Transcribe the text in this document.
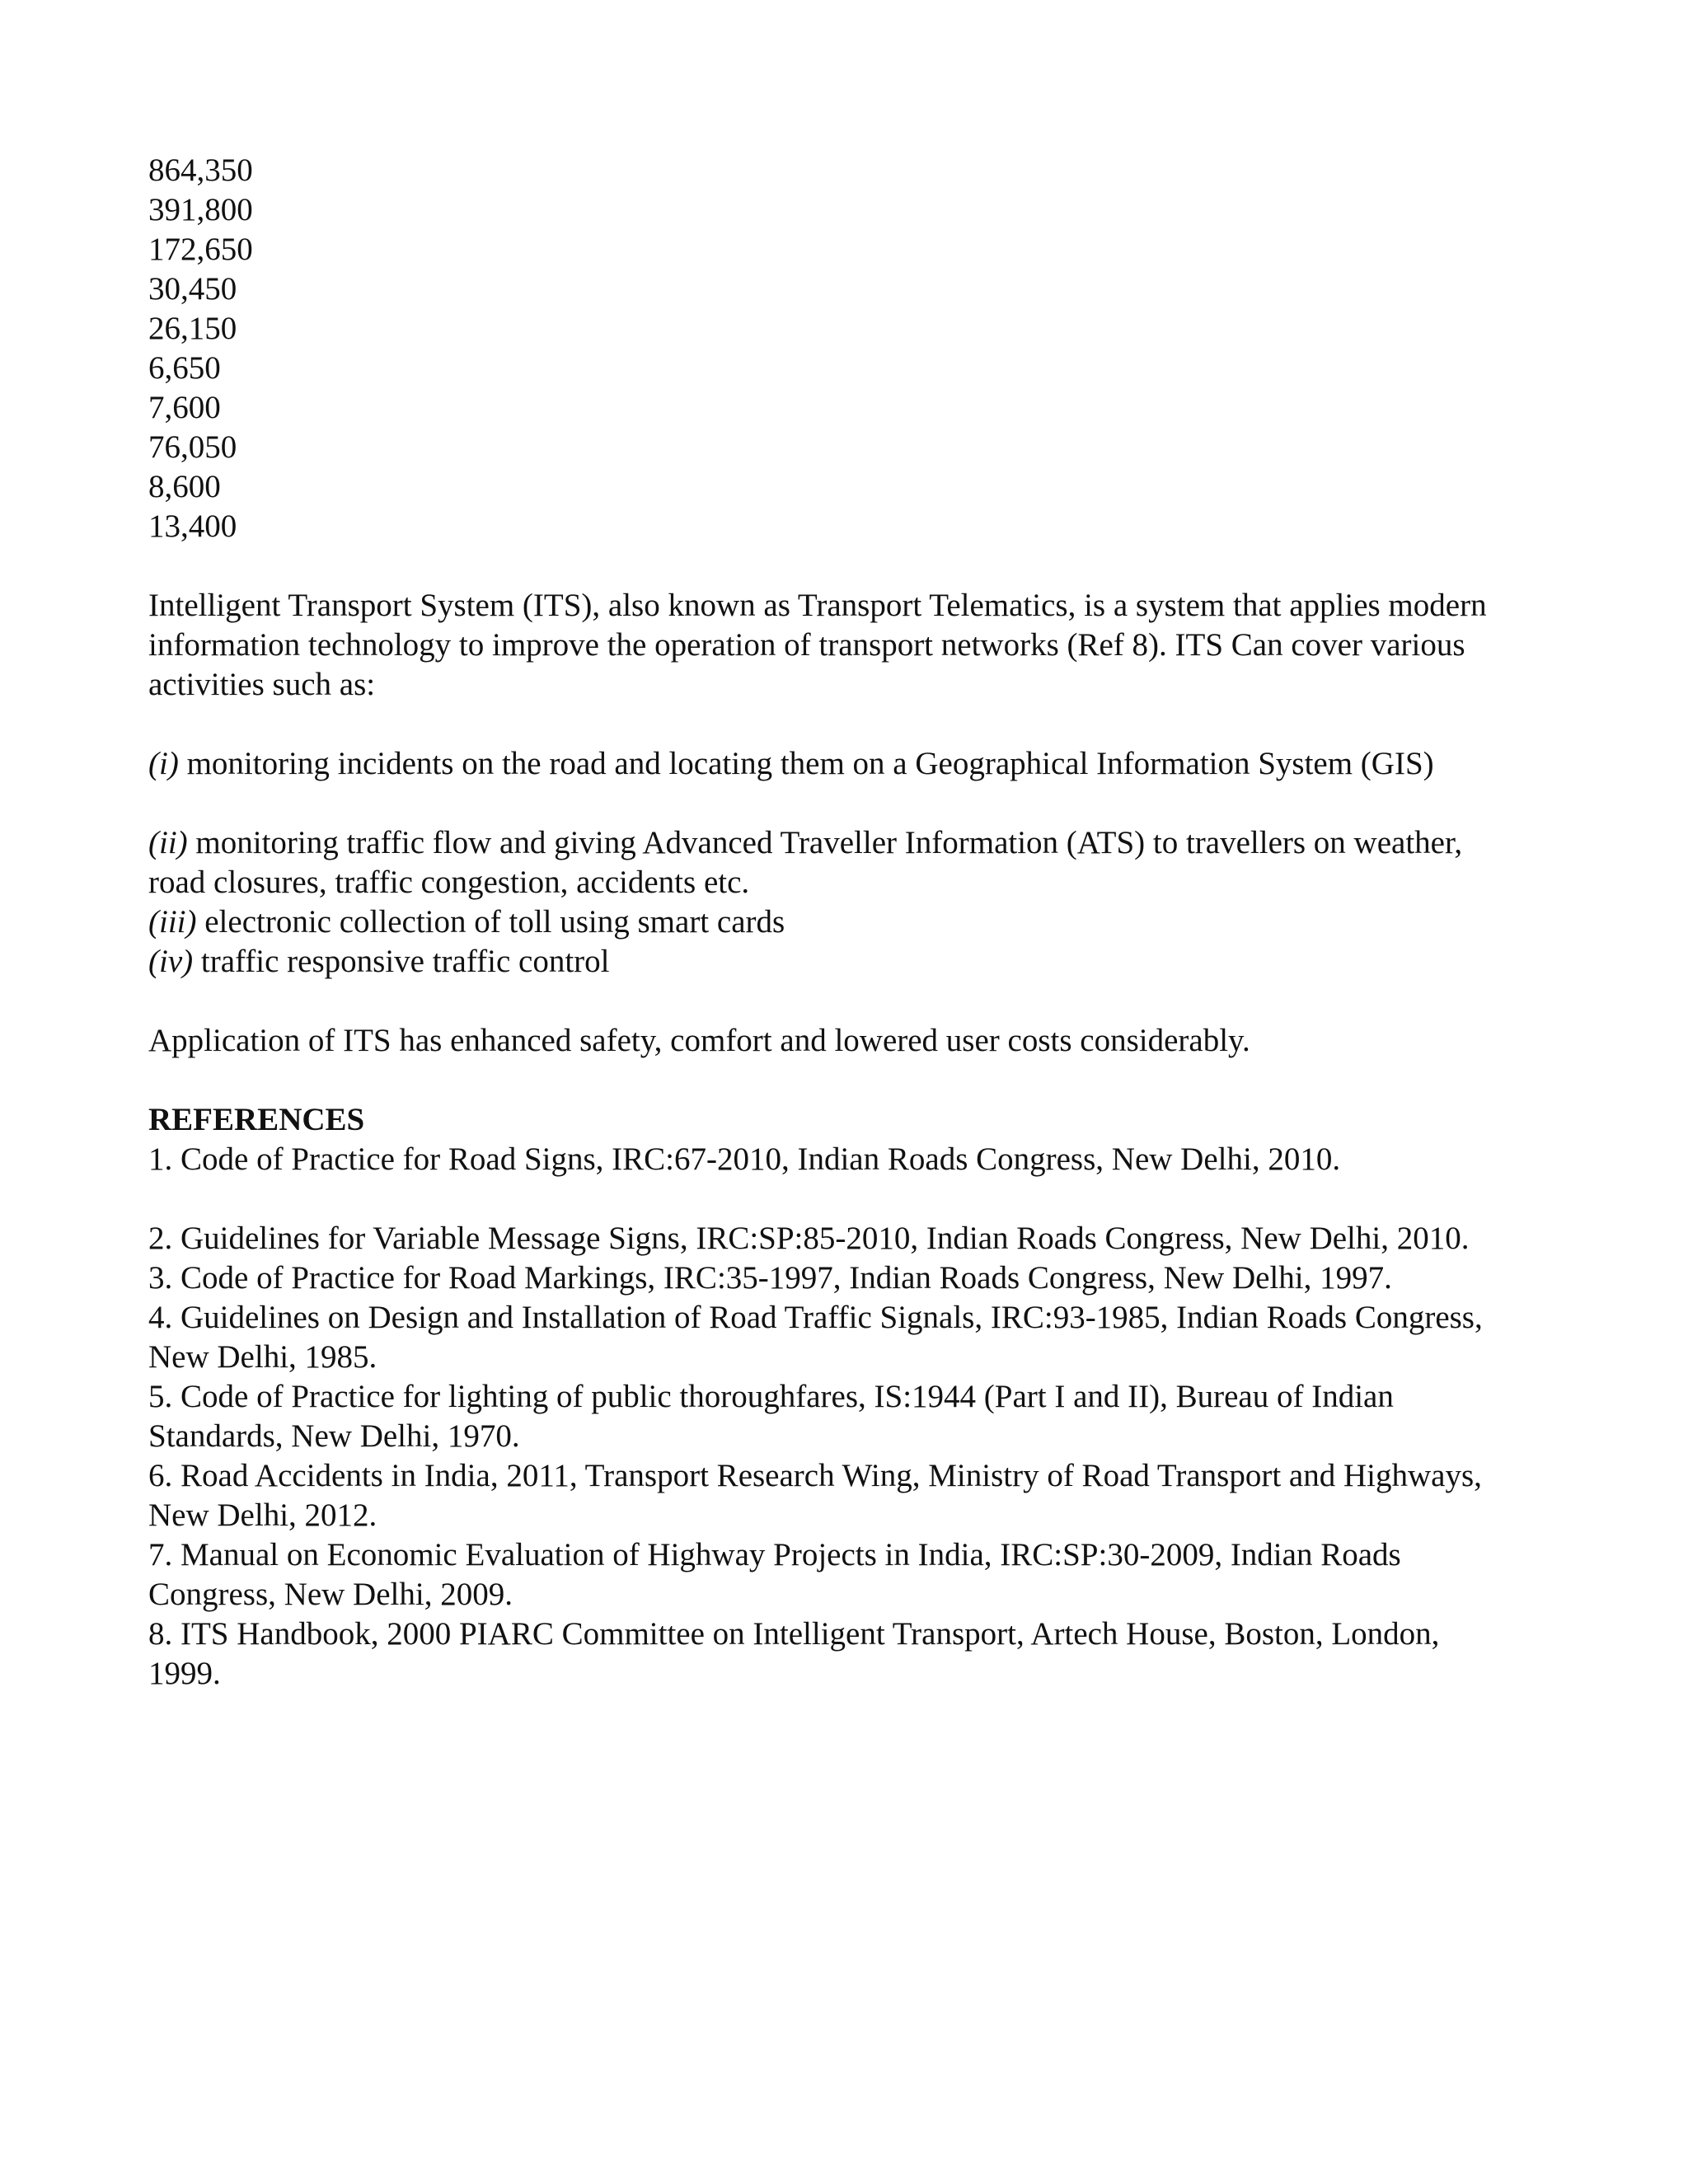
864,350
391,800
172,650
30,450
26,150
6,650
7,600
76,050
8,600
13,400
Intelligent Transport System (ITS), also known as Transport Telematics, is a system that applies modern
information technology to improve the operation of transport networks (Ref 8). ITS Can cover various
activities such as:
(i) monitoring incidents on the road and locating them on a Geographical Information System (GIS)
(ii) monitoring traffic flow and giving Advanced Traveller Information (ATS) to travellers on weather,
road closures, traffic congestion, accidents etc.
(iii) electronic collection of toll using smart cards
(iv) traffic responsive traffic control
Application of ITS has enhanced safety, comfort and lowered user costs considerably.
REFERENCES
1. Code of Practice for Road Signs, IRC:67-2010, Indian Roads Congress, New Delhi, 2010.
2. Guidelines for Variable Message Signs, IRC:SP:85-2010, Indian Roads Congress, New Delhi, 2010.
3. Code of Practice for Road Markings, IRC:35-1997, Indian Roads Congress, New Delhi, 1997.
4. Guidelines on Design and Installation of Road Traffic Signals, IRC:93-1985, Indian Roads Congress,
New Delhi, 1985.
5. Code of Practice for lighting of public thoroughfares, IS:1944 (Part I and II), Bureau of Indian
Standards, New Delhi, 1970.
6. Road Accidents in India, 2011, Transport Research Wing, Ministry of Road Transport and Highways,
New Delhi, 2012.
7. Manual on Economic Evaluation of Highway Projects in India, IRC:SP:30-2009, Indian Roads
Congress, New Delhi, 2009.
8. ITS Handbook, 2000 PIARC Committee on Intelligent Transport, Artech House, Boston, London,
1999.
